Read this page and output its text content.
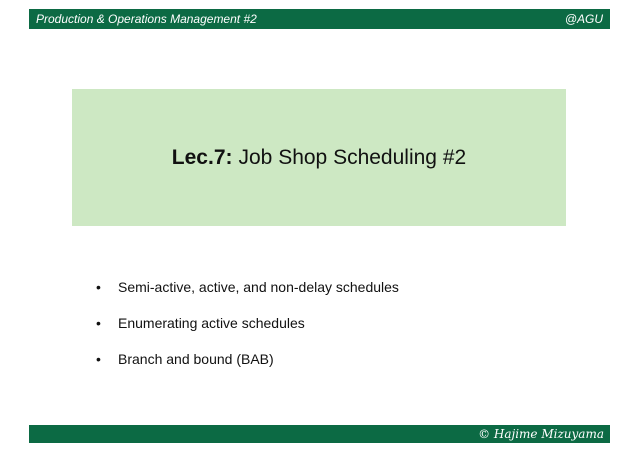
Production & Operations Management #2	@AGU
Lec.7: Job Shop Scheduling #2
•	Semi-active, active, and non-delay schedules
•	Enumerating active schedules
•	Branch and bound (BAB)
© Hajime Mizuyama
